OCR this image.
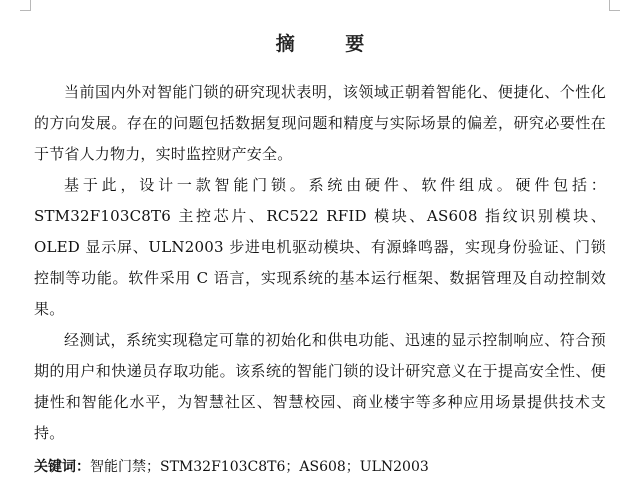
摘 要

当前国内外对智能门锁的研究现状表明，该领域正朝着智能化、便捷化、个性化的方向发展。存在的问题包括数据复现问题和精度与实际场景的偏差，研究必要性在于节省人力物力，实时监控财产安全。

基于此，设计一款智能门锁。系统由硬件、软件组成。硬件包括：STM32F103C8T6 主控芯片、RC522 RFID 模块、AS608 指纹识别模块、OLED 显示屏、ULN2003 步进电机驱动模块、有源蜂鸣器，实现身份验证、门锁控制等功能。软件采用 C 语言，实现系统的基本运行框架、数据管理及自动控制效果。

经测试，系统实现稳定可靠的初始化和供电功能、迅速的显示控制响应、符合预期的用户和快递员存取功能。该系统的智能门锁的设计研究意义在于提高安全性、便捷性和智能化水平，为智慧社区、智慧校园、商业楼宇等多种应用场景提供技术支持。

关键词：智能门禁；STM32F103C8T6；AS608；ULN2003
